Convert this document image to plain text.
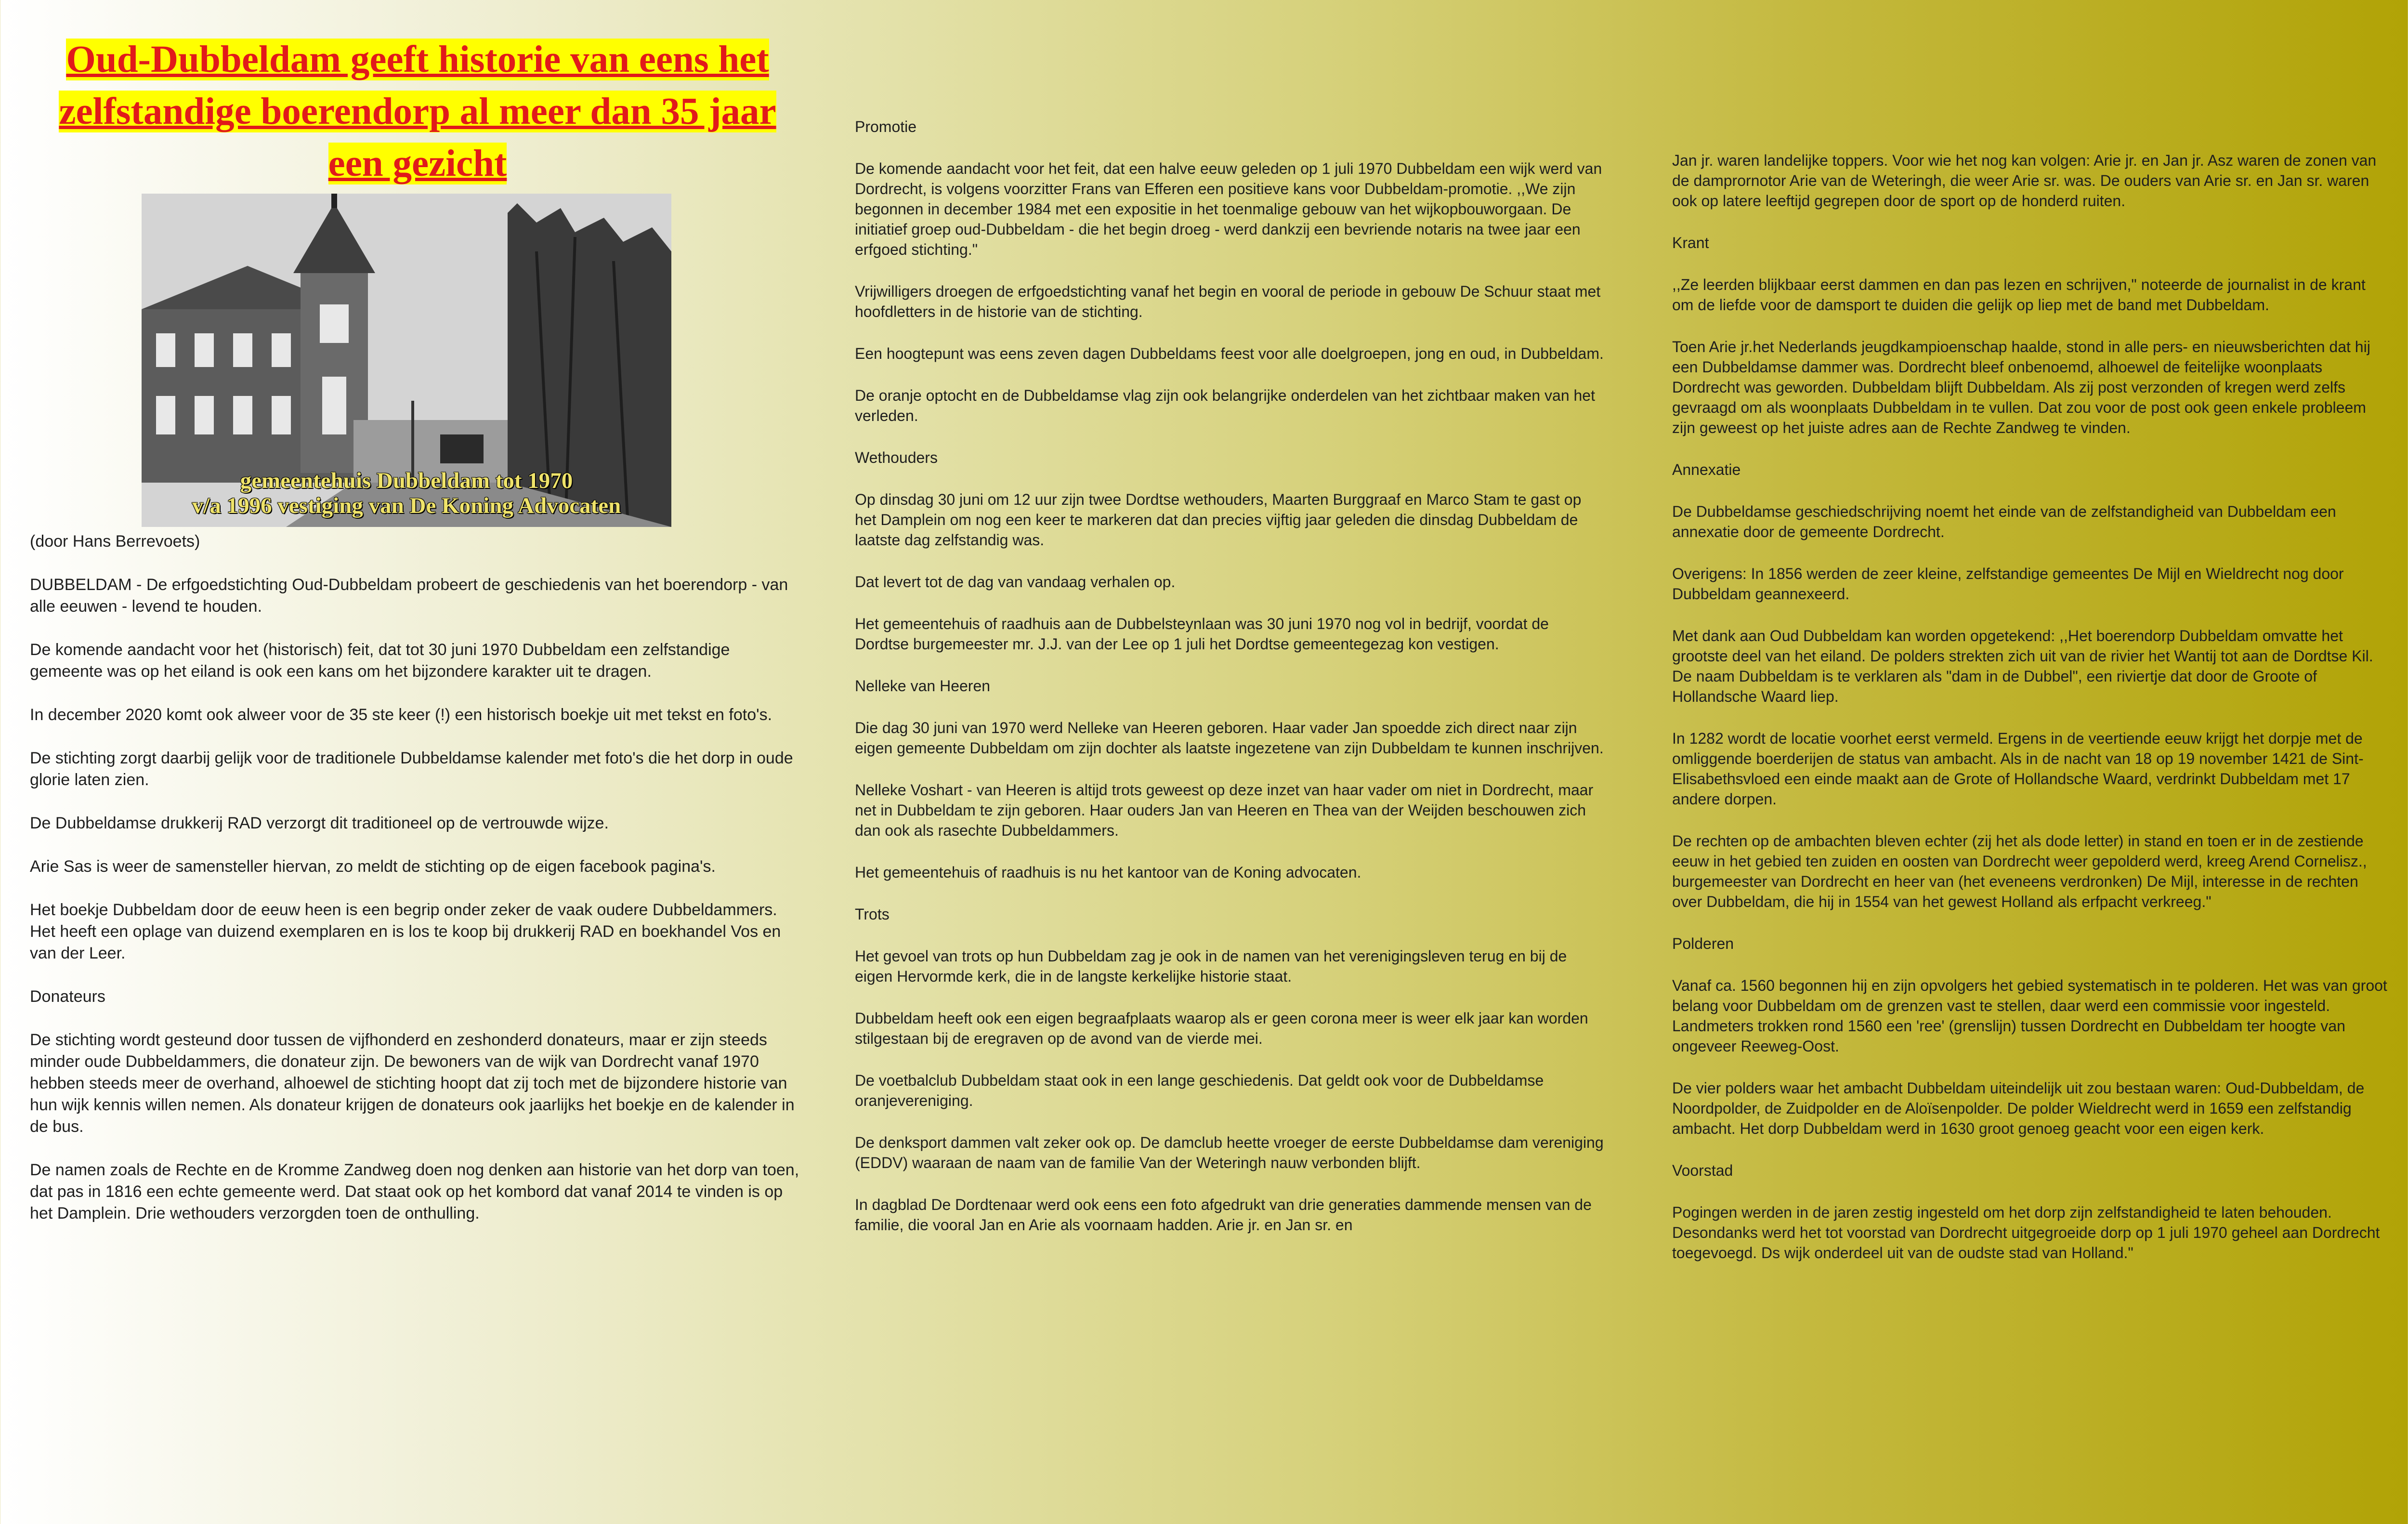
Oud-Dubbeldam geeft historie van eens het zelfstandige boerendorp al meer dan 35 jaar een gezicht
gemeentehuis Dubbeldam tot 1970
v/a 1996 vestiging van De Koning Advocaten

(door Hans Berrevoets)

DUBBELDAM - De erfgoedstichting Oud-Dubbeldam probeert de geschiedenis van het boerendorp - van alle eeuwen - levend te houden.

De komende aandacht voor het (historisch) feit, dat tot 30 juni 1970 Dubbeldam een zelfstandige gemeente was op het eiland is ook een kans om het bijzondere karakter uit te dragen.

In december 2020 komt ook alweer voor de 35 ste keer (!) een historisch boekje uit met tekst en foto's.

De stichting zorgt daarbij gelijk voor de traditionele Dubbeldamse kalender met foto's die het dorp in oude glorie laten zien.

De Dubbeldamse drukkerij RAD verzorgt dit traditioneel op de vertrouwde wijze.

Arie Sas is weer de samensteller hiervan, zo meldt de stichting op de eigen facebook pagina's.

Het boekje Dubbeldam door de eeuw heen is een begrip onder zeker de vaak oudere Dubbeldammers. Het heeft een oplage van duizend exemplaren en is los te koop bij drukkerij RAD en boekhandel Vos en van der Leer.

Donateurs

De stichting wordt gesteund door tussen de vijfhonderd en zeshonderd donateurs, maar er zijn steeds minder oude Dubbeldammers, die donateur zijn. De bewoners van de wijk van Dordrecht vanaf 1970 hebben steeds meer de overhand, alhoewel de stichting hoopt dat zij toch met de bijzondere historie van hun wijk kennis willen nemen. Als donateur krijgen de donateurs ook jaarlijks het boekje en de kalender in de bus.

De namen zoals de Rechte en de Kromme Zandweg doen nog denken aan historie van het dorp van toen, dat pas in 1816 een echte gemeente werd. Dat staat ook op het kombord dat vanaf 2014 te vinden is op het Damplein. Drie wethouders verzorgden toen de onthulling.

Promotie

De komende aandacht voor het feit, dat een halve eeuw geleden op 1 juli 1970 Dubbeldam een wijk werd van Dordrecht, is volgens voorzitter Frans van Efferen een positieve kans voor Dubbeldam-promotie. ,,We zijn begonnen in december 1984 met een expositie in het toenmalige gebouw van het wijkopbouworgaan. De initiatief groep oud-Dubbeldam - die het begin droeg - werd dankzij een bevriende notaris na twee jaar een erfgoed stichting."

Vrijwilligers droegen de erfgoedstichting vanaf het begin en vooral de periode in gebouw De Schuur staat met hoofdletters in de historie van de stichting.

Een hoogtepunt was eens zeven dagen Dubbeldams feest voor alle doelgroepen, jong en oud, in Dubbeldam.

De oranje optocht en de Dubbeldamse vlag zijn ook belangrijke onderdelen van het zichtbaar maken van het verleden.

Wethouders

Op dinsdag 30 juni om 12 uur zijn twee Dordtse wethouders, Maarten Burggraaf en Marco Stam te gast op het Damplein om nog een keer te markeren dat dan precies vijftig jaar geleden die dinsdag Dubbeldam de laatste dag zelfstandig was.

Dat levert tot de dag van vandaag verhalen op.

Het gemeentehuis of raadhuis aan de Dubbelsteynlaan was 30 juni 1970 nog vol in bedrijf, voordat de Dordtse burgemeester mr. J.J. van der Lee op 1 juli het Dordtse gemeentegezag kon vestigen.

Nelleke van Heeren

Die dag 30 juni van 1970 werd Nelleke van Heeren geboren. Haar vader Jan spoedde zich direct naar zijn eigen gemeente Dubbeldam om zijn dochter als laatste ingezetene van zijn Dubbeldam te kunnen inschrijven.

Nelleke Voshart - van Heeren is altijd trots geweest op deze inzet van haar vader om niet in Dordrecht, maar net in Dubbeldam te zijn geboren. Haar ouders Jan van Heeren en Thea van der Weijden beschouwen zich dan ook als rasechte Dubbeldammers.

Het gemeentehuis of raadhuis is nu het kantoor van de Koning advocaten.

Trots

Het gevoel van trots op hun Dubbeldam zag je ook in de namen van het verenigingsleven terug en bij de eigen Hervormde kerk, die in de langste kerkelijke historie staat.

Dubbeldam heeft ook een eigen begraafplaats waarop als er geen corona meer is weer elk jaar kan worden stilgestaan bij de eregraven op de avond van de vierde mei.

De voetbalclub Dubbeldam staat ook in een lange geschiedenis. Dat geldt ook voor de Dubbeldamse oranjevereniging.

De denksport dammen valt zeker ook op. De damclub heette vroeger de eerste Dubbeldamse dam vereniging (EDDV) waaraan de naam van de familie Van der Weteringh nauw verbonden blijft.

In dagblad De Dordtenaar werd ook eens een foto afgedrukt van drie generaties dammende mensen van de familie, die vooral Jan en Arie als voornaam hadden. Arie jr. en Jan sr. en

Jan jr. waren landelijke toppers. Voor wie het nog kan volgen: Arie jr. en Jan jr. Asz waren de zonen van de damprornotor Arie van de Weteringh, die weer Arie sr. was. De ouders van Arie sr. en Jan sr. waren ook op latere leeftijd gegrepen door de sport op de honderd ruiten.

Krant

,,Ze leerden blijkbaar eerst dammen en dan pas lezen en schrijven," noteerde de journalist in de krant om de liefde voor de damsport te duiden die gelijk op liep met de band met Dubbeldam.

Toen Arie jr.het Nederlands jeugdkampioenschap haalde, stond in alle pers- en nieuwsberichten dat hij een Dubbeldamse dammer was. Dordrecht bleef onbenoemd, alhoewel de feitelijke woonplaats Dordrecht was geworden. Dubbeldam blijft Dubbeldam. Als zij post verzonden of kregen werd zelfs gevraagd om als woonplaats Dubbeldam in te vullen. Dat zou voor de post ook geen enkele probleem zijn geweest op het juiste adres aan de Rechte Zandweg te vinden.

Annexatie

De Dubbeldamse geschiedschrijving noemt het einde van de zelfstandigheid van Dubbeldam een annexatie door de gemeente Dordrecht.

Overigens: In 1856 werden de zeer kleine, zelfstandige gemeentes De Mijl en Wieldrecht nog door Dubbeldam geannexeerd.

Met dank aan Oud Dubbeldam kan worden opgetekend: ,,Het boerendorp Dubbeldam omvatte het grootste deel van het eiland. De polders strekten zich uit van de rivier het Wantij tot aan de Dordtse Kil. De naam Dubbeldam is te verklaren als "dam in de Dubbel", een riviertje dat door de Groote of Hollandsche Waard liep.

In 1282 wordt de locatie voorhet eerst vermeld. Ergens in de veertiende eeuw krijgt het dorpje met de omliggende boerderijen de status van ambacht. Als in de nacht van 18 op 19 november 1421 de Sint-Elisabethsvloed een einde maakt aan de Grote of Hollandsche Waard, verdrinkt Dubbeldam met 17 andere dorpen.

De rechten op de ambachten bleven echter (zij het als dode letter) in stand en toen er in de zestiende eeuw in het gebied ten zuiden en oosten van Dordrecht weer gepolderd werd, kreeg Arend Cornelisz., burgemeester van Dordrecht en heer van (het eveneens verdronken) De Mijl, interesse in de rechten over Dubbeldam, die hij in 1554 van het gewest Holland als erfpacht verkreeg."

Polderen

Vanaf ca. 1560 begonnen hij en zijn opvolgers het gebied systematisch in te polderen. Het was van groot belang voor Dubbeldam om de grenzen vast te stellen, daar werd een commissie voor ingesteld. Landmeters trokken rond 1560 een 'ree' (grenslijn) tussen Dordrecht en Dubbeldam ter hoogte van ongeveer Reeweg-Oost.

De vier polders waar het ambacht Dubbeldam uiteindelijk uit zou bestaan waren: Oud-Dubbeldam, de Noordpolder, de Zuidpolder en de Aloïsenpolder. De polder Wieldrecht werd in 1659 een zelfstandig ambacht. Het dorp Dubbeldam werd in 1630 groot genoeg geacht voor een eigen kerk.

Voorstad

Pogingen werden in de jaren zestig ingesteld om het dorp zijn zelfstandigheid te laten behouden. Desondanks werd het tot voorstad van Dordrecht uitgegroeide dorp op 1 juli 1970 geheel aan Dordrecht toegevoegd. Ds wijk onderdeel uit van de oudste stad van Holland."
